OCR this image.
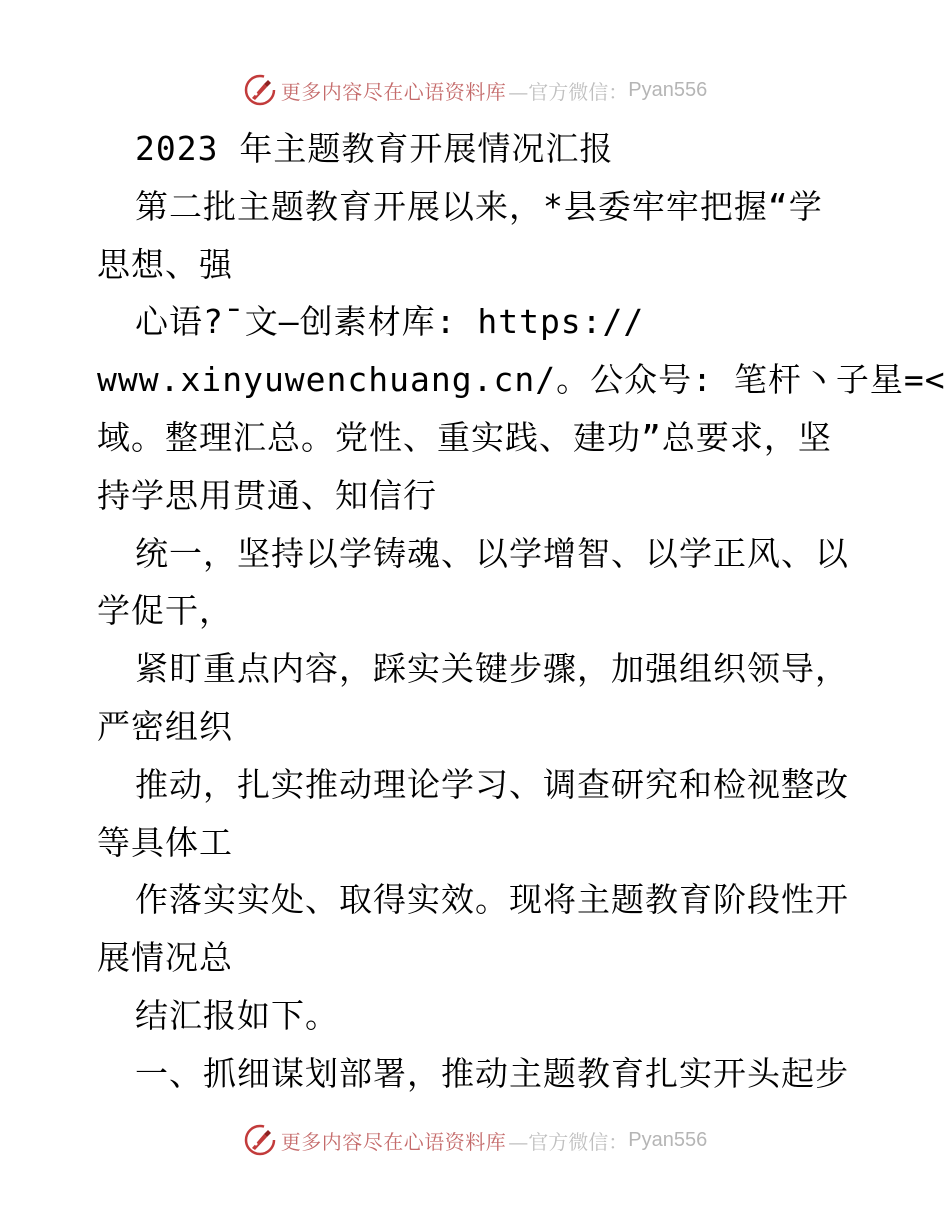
更多内容尽在心语资料库 —官方微信： Pyan556
2023 年主题教育开展情况汇报
第二批主题教育开展以来，*县委牢牢把握“学
思想、强
心语?¯文—创素材库: https://
www.xinyuwenchuang.cn/。公众号: 笔杆丶子星=<
域。整理汇总。党性、重实践、建功”总要求，坚
持学思用贯通、知信行
统一，坚持以学铸魂、以学增智、以学正风、以
学促干，
紧盯重点内容，踩实关键步骤，加强组织领导，
严密组织
推动，扎实推动理论学习、调查研究和检视整改
等具体工
作落实实处、取得实效。现将主题教育阶段性开
展情况总
结汇报如下。
一、抓细谋划部署，推动主题教育扎实开头起步
更多内容尽在心语资料库 —官方微信： Pyan556
